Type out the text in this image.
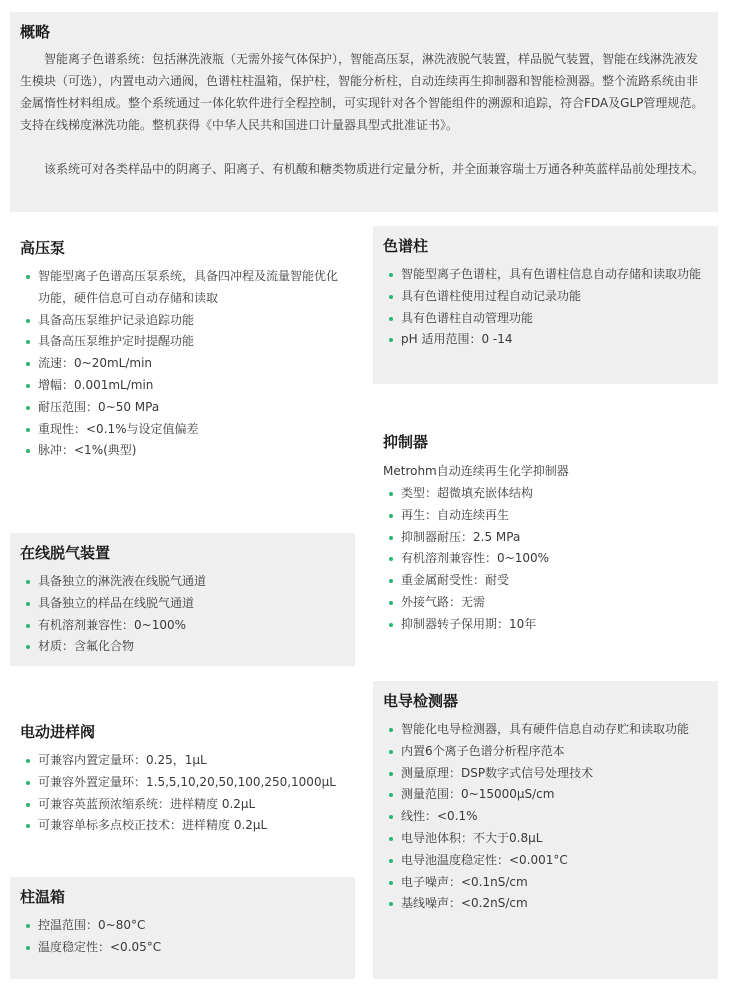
概略

智能离子色谱系统：包括淋洗液瓶（无需外接气体保护），智能高压泵，淋洗液脱气装置，样品脱气装置，智能在线淋洗液发生模块（可选），内置电动六通阀，色谱柱柱温箱，保护柱，智能分析柱，自动连续再生抑制器和智能检测器。整个流路系统由非金属惰性材料组成。整个系统通过一体化软件进行全程控制，可实现针对各个智能组件的溯源和追踪，符合FDA及GLP管理规范。支持在线梯度淋洗功能。整机获得《中华人民共和国进口计量器具型式批准证书》。

该系统可对各类样品中的阴离子、阳离子、有机酸和糖类物质进行定量分析，并全面兼容瑞士万通各种英蓝样品前处理技术。

高压泵
智能型离子色谱高压泵系统，具备四冲程及流量智能优化功能，硬件信息可自动存储和读取
具备高压泵维护记录追踪功能
具备高压泵维护定时提醒功能
流速：0~20mL/min
增幅：0.001mL/min
耐压范围：0~50 MPa
重现性：<0.1%与设定值偏差
脉冲：<1%(典型)
色谱柱
智能型离子色谱柱，具有色谱柱信息自动存储和读取功能
具有色谱柱使用过程自动记录功能
具有色谱柱自动管理功能
pH 适用范围：0 -14
抑制器

Metrohm自动连续再生化学抑制器

类型：超微填充嵌体结构
再生：自动连续再生
抑制器耐压：2.5 MPa
有机溶剂兼容性：0~100%
重金属耐受性：耐受
外接气路：无需
抑制器转子保用期：10年
在线脱气装置
具备独立的淋洗液在线脱气通道
具备独立的样品在线脱气通道
有机溶剂兼容性：0~100%
材质：含氟化合物
电导检测器
智能化电导检测器，具有硬件信息自动存贮和读取功能
内置6个离子色谱分析程序范本
测量原理：DSP数字式信号处理技术
测量范围：0~15000μS/cm
线性：<0.1%
电导池体积：不大于0.8μL
电导池温度稳定性：<0.001°C
电子噪声：<0.1nS/cm
基线噪声：<0.2nS/cm
电动进样阀
可兼容内置定量环：0.25，1μL
可兼容外置定量环：1.5,5,10,20,50,100,250,1000μL
可兼容英蓝预浓缩系统：进样精度 0.2μL
可兼容单标多点校正技术：进样精度 0.2μL
柱温箱
控温范围：0~80°C
温度稳定性：<0.05°C
